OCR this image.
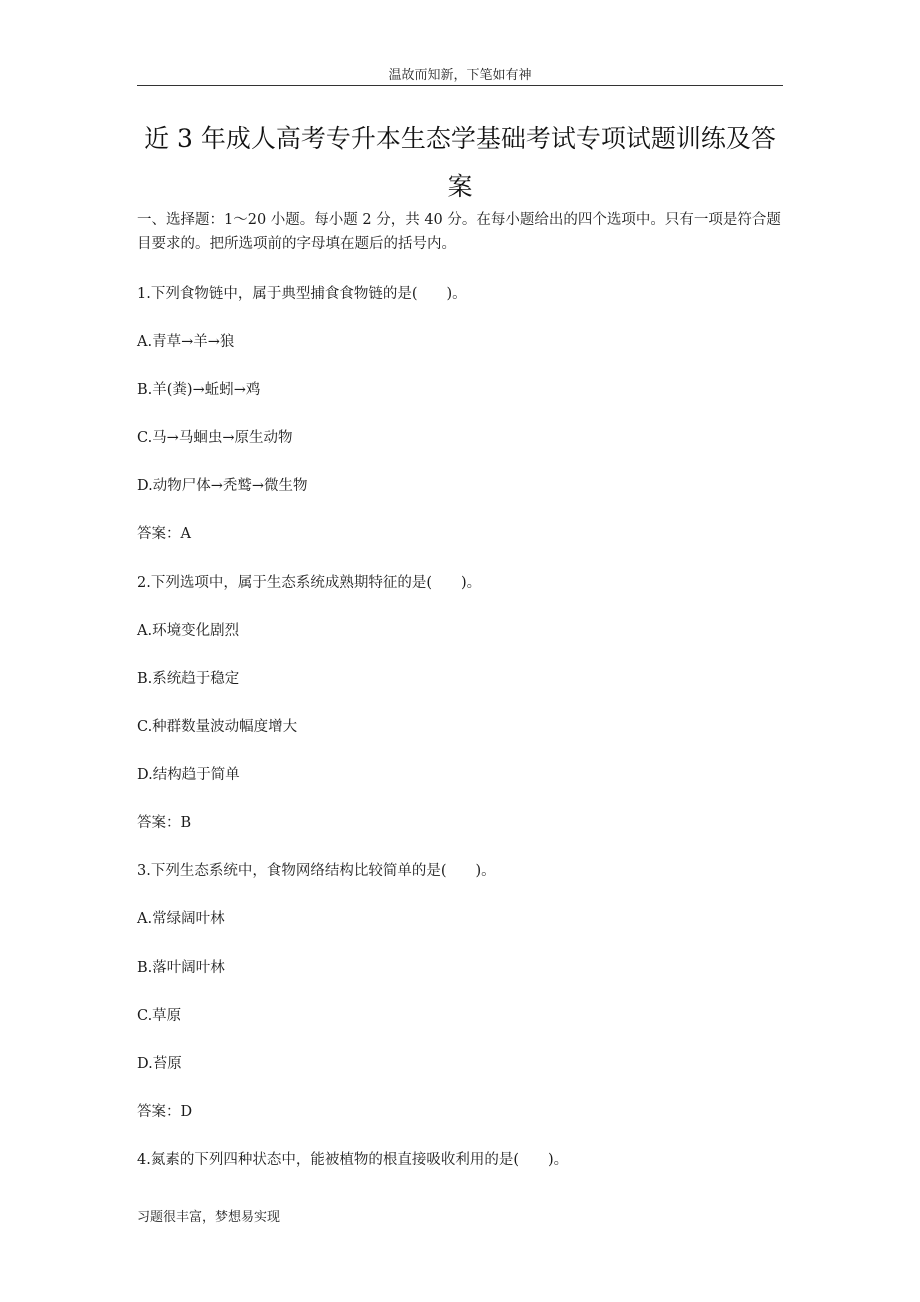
温故而知新，下笔如有神
近 3 年成人高考专升本生态学基础考试专项试题训练及答案
一、选择题：1～20 小题。每小题 2 分，共 40 分。在每小题给出的四个选项中。只有一项是符合题目要求的。把所选项前的字母填在题后的括号内。
1.下列食物链中，属于典型捕食食物链的是(　　)。
A.青草→羊→狼
B.羊(粪)→蚯蚓→鸡
C.马→马蛔虫→原生动物
D.动物尸体→秃鹫→微生物
答案：A
2.下列选项中，属于生态系统成熟期特征的是(　　)。
A.环境变化剧烈
B.系统趋于稳定
C.种群数量波动幅度增大
D.结构趋于简单
答案：B
3.下列生态系统中，食物网络结构比较简单的是(　　)。
A.常绿阔叶林
B.落叶阔叶林
C.草原
D.苔原
答案：D
4.氮素的下列四种状态中，能被植物的根直接吸收利用的是(　　)。
习题很丰富，梦想易实现
